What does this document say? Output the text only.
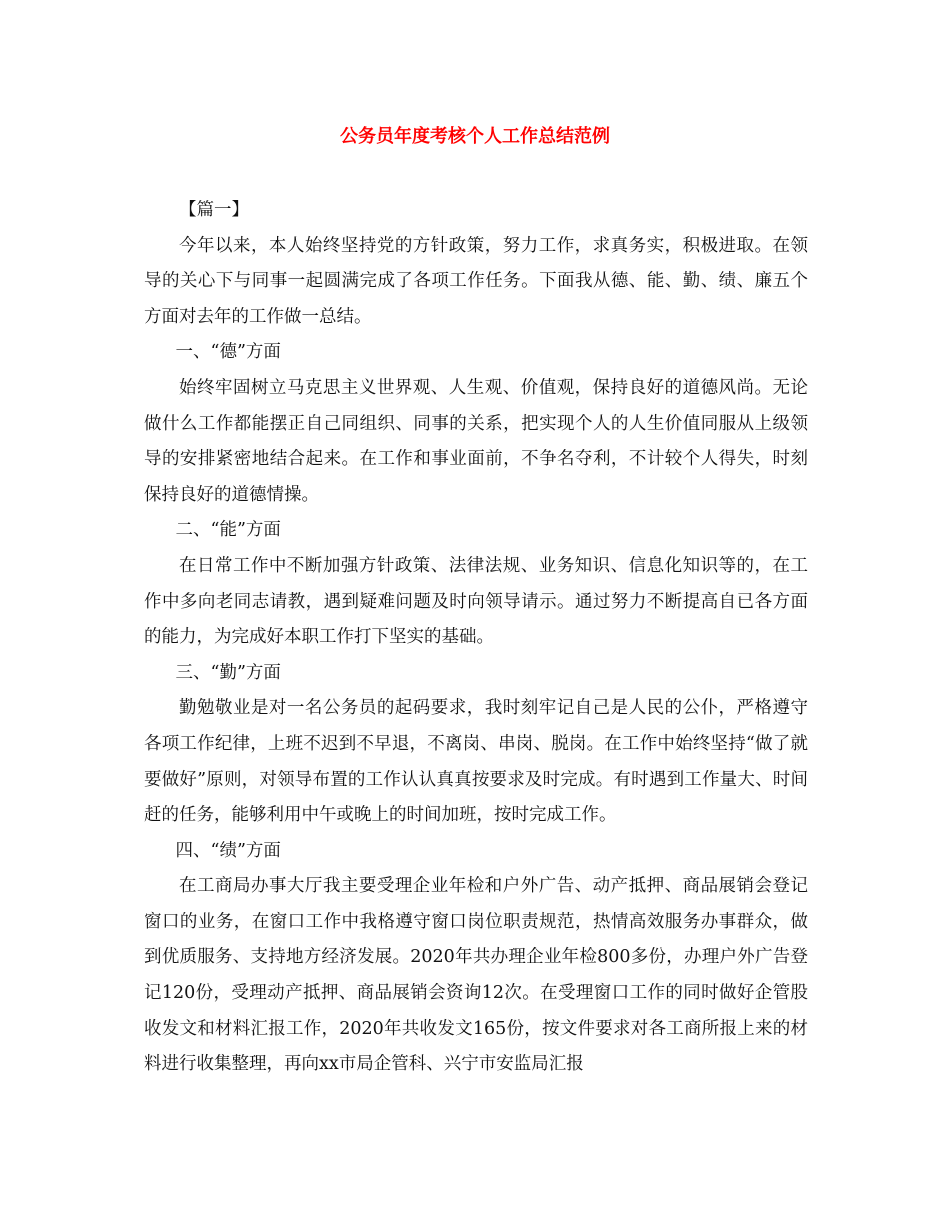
公务员年度考核个人工作总结范例

【篇一】

今年以来，本人始终坚持党的方针政策，努力工作，求真务实，积极进取。在领导的关心下与同事一起圆满完成了各项工作任务。下面我从德、能、勤、绩、廉五个方面对去年的工作做一总结。

一、“德”方面

始终牢固树立马克思主义世界观、人生观、价值观，保持良好的道德风尚。无论做什么工作都能摆正自己同组织、同事的关系，把实现个人的人生价值同服从上级领导的安排紧密地结合起来。在工作和事业面前，不争名夺利，不计较个人得失，时刻保持良好的道德情操。

二、“能”方面

在日常工作中不断加强方针政策、法律法规、业务知识、信息化知识等的，在工作中多向老同志请教，遇到疑难问题及时向领导请示。通过努力不断提高自已各方面的能力，为完成好本职工作打下坚实的基础。

三、“勤”方面

勤勉敬业是对一名公务员的起码要求，我时刻牢记自己是人民的公仆，严格遵守各项工作纪律，上班不迟到不早退，不离岗、串岗、脱岗。在工作中始终坚持“做了就要做好”原则，对领导布置的工作认认真真按要求及时完成。有时遇到工作量大、时间赶的任务，能够利用中午或晚上的时间加班，按时完成工作。

四、“绩”方面

在工商局办事大厅我主要受理企业年检和户外广告、动产抵押、商品展销会登记窗口的业务，在窗口工作中我格遵守窗口岗位职责规范，热情高效服务办事群众，做到优质服务、支持地方经济发展。2020年共办理企业年检800多份，办理户外广告登记120份，受理动产抵押、商品展销会资询12次。在受理窗口工作的同时做好企管股收发文和材料汇报工作，2020年共收发文165份，按文件要求对各工商所报上来的材料进行收集整理，再向xx市局企管科、兴宁市安监局汇报
